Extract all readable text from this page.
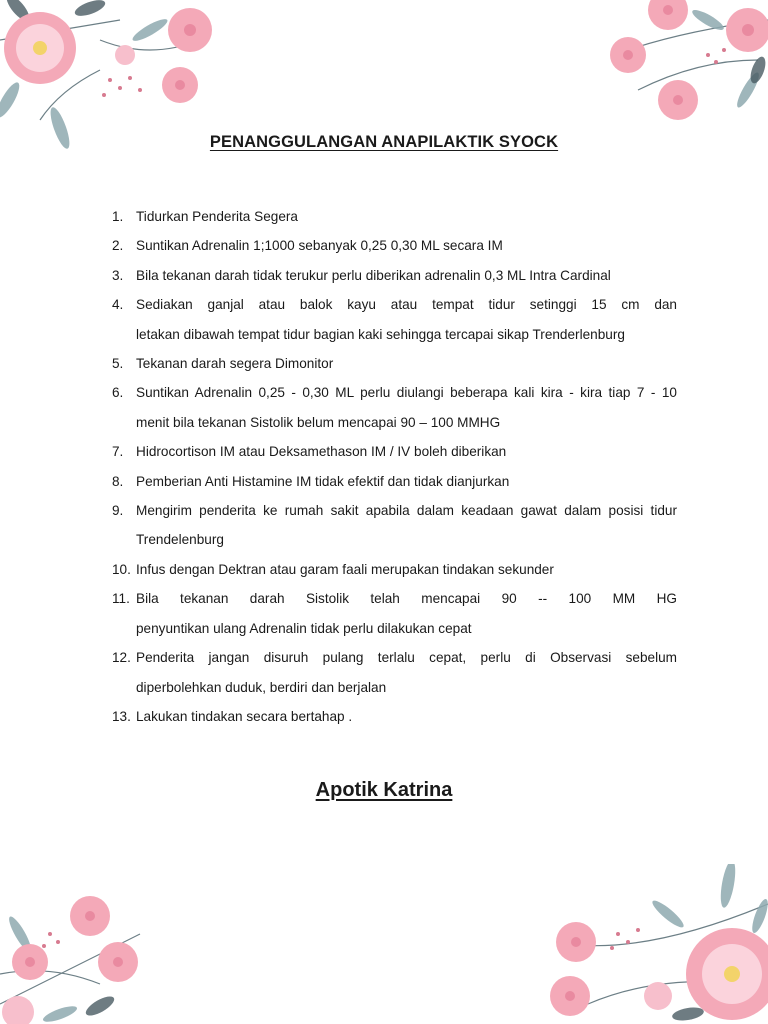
PENANGGULANGAN ANAPILAKTIK SYOCK
1. Tidurkan Penderita Segera
2. Suntikan Adrenalin 1;1000 sebanyak 0,25 0,30 ML secara IM
3. Bila tekanan darah tidak terukur perlu diberikan adrenalin 0,3 ML Intra Cardinal
4. Sediakan ganjal atau balok kayu atau tempat tidur setinggi 15 cm dan
letakan dibawah tempat tidur bagian kaki sehingga tercapai sikap Trenderlenburg
5. Tekanan darah segera Dimonitor
6. Suntikan Adrenalin 0,25 - 0,30 ML perlu diulangi beberapa kali kira - kira tiap 7 - 10
menit bila tekanan Sistolik belum mencapai 90 – 100 MMHG
7. Hidrocortison IM atau Deksamethason IM / IV boleh diberikan
8. Pemberian Anti Histamine IM tidak efektif dan tidak dianjurkan
9. Mengirim penderita ke rumah sakit apabila dalam keadaan gawat dalam posisi tidur
Trendelenburg
10. Infus dengan Dektran atau garam faali merupakan tindakan sekunder
11. Bila tekanan darah Sistolik telah mencapai 90 -- 100 MM HG
penyuntikan ulang Adrenalin tidak perlu dilakukan cepat
12. Penderita jangan disuruh pulang terlalu cepat, perlu di Observasi sebelum
diperbolehkan duduk, berdiri dan berjalan
13. Lakukan tindakan secara bertahap .
Apotik Katrina
